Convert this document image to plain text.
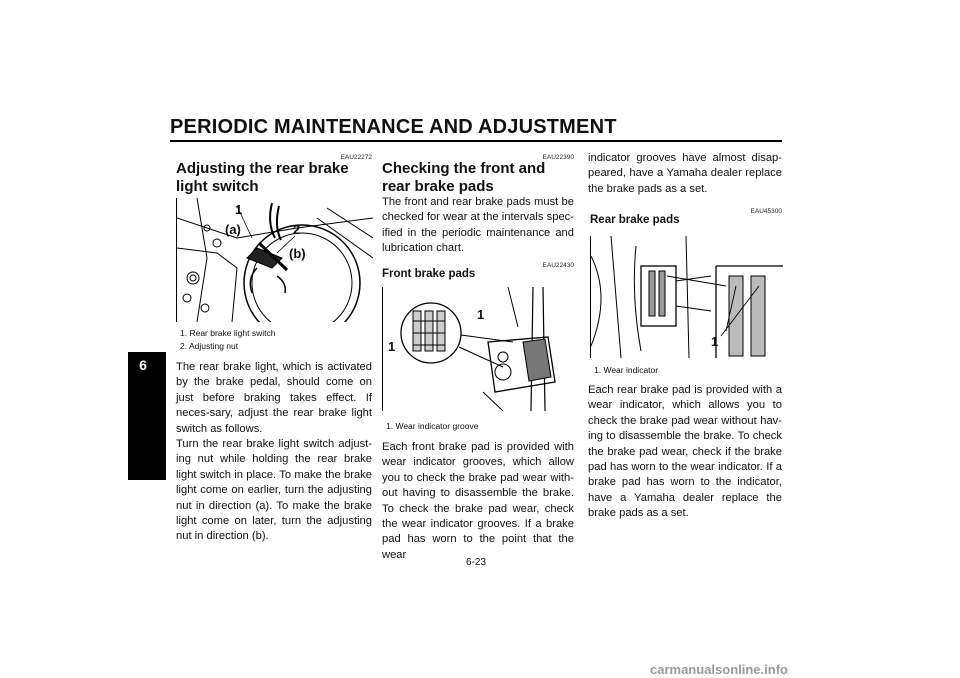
PERIODIC MAINTENANCE AND ADJUSTMENT
6
EAU22272
Adjusting the rear brake light switch
1
2
(a)
(b)
1. Rear brake light switch
2. Adjusting nut
The rear brake light, which is activated by the brake pedal, should come on just before braking takes effect. If neces-sary, adjust the rear brake light switch as follows.
Turn the rear brake light switch adjust-ing nut while holding the rear brake light switch in place. To make the brake light come on earlier, turn the adjusting nut in direction (a). To make the brake light come on later, turn the adjusting nut in direction (b).
EAU22390
Checking the front and rear brake pads
The front and rear brake pads must be checked for wear at the intervals spec-ified in the periodic maintenance and lubrication chart.
EAU22430
Front brake pads
1
1
1. Wear indicator groove
Each front brake pad is provided with wear indicator grooves, which allow you to check the brake pad wear with-out having to disassemble the brake. To check the brake pad wear, check the wear indicator grooves. If a brake pad has worn to the point that the wear
indicator grooves have almost disap-peared, have a Yamaha dealer replace the brake pads as a set.
EAU45300
Rear brake pads
1
1. Wear indicator
Each rear brake pad is provided with a wear indicator, which allows you to check the brake pad wear without hav-ing to disassemble the brake. To check the brake pad wear, check if the brake pad has worn to the wear indicator. If a brake pad has worn to the indicator, have a Yamaha dealer replace the brake pads as a set.
6-23
carmanualsonline.info
